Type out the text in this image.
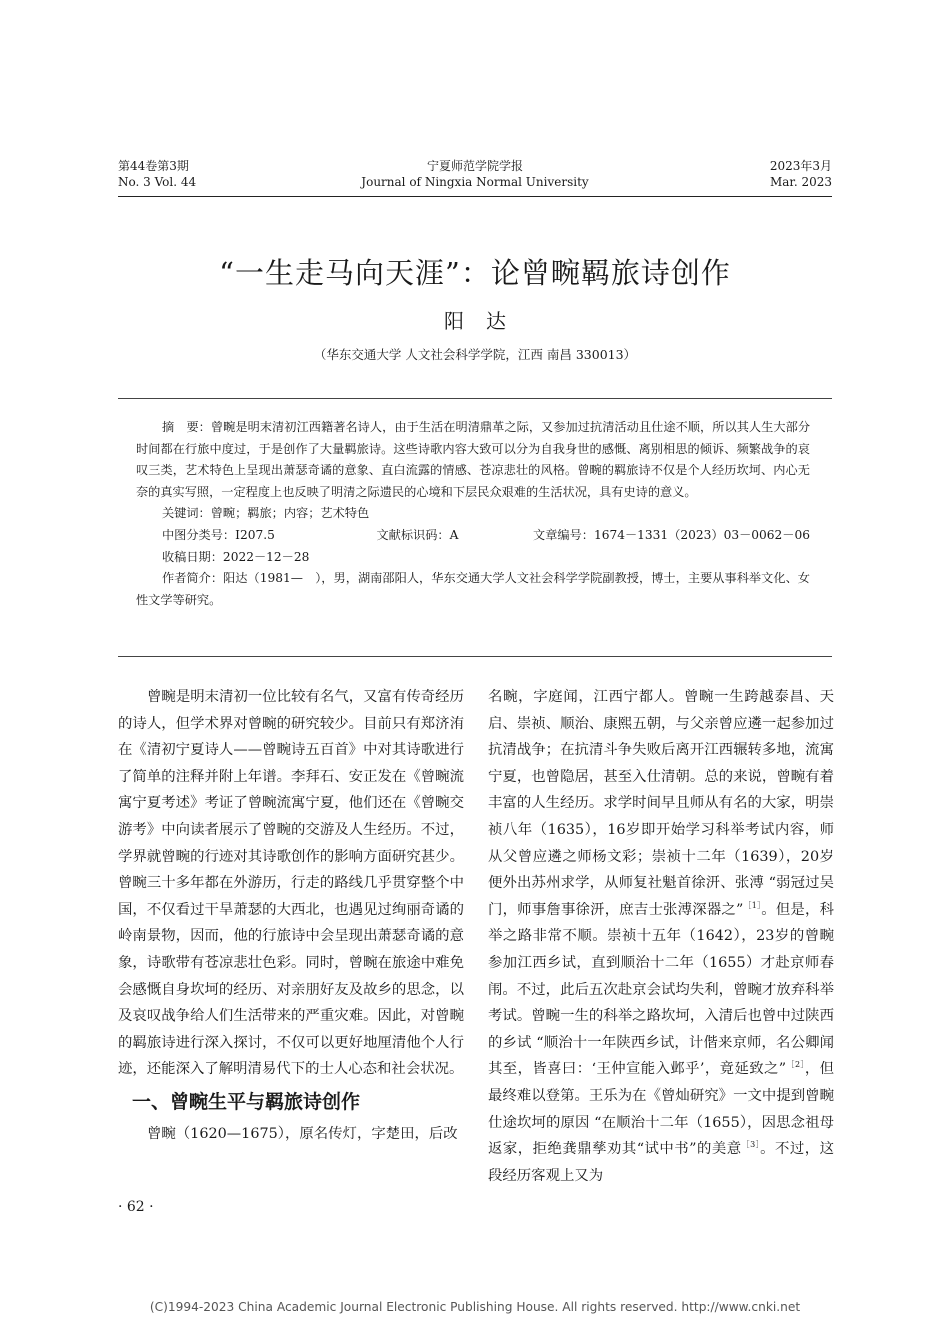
第44卷第3期
No. 3 Vol. 44
宁夏师范学院学报
Journal of Ningxia Normal University
2023年3月
Mar. 2023
“一生走马向天涯”：论曾畹羁旅诗创作
阳达
（华东交通大学 人文社会科学学院，江西 南昌 330013）

摘　要：曾畹是明末清初江西籍著名诗人，由于生活在明清鼎革之际，又参加过抗清活动且仕途不顺，所以其人生大部分时间都在行旅中度过，于是创作了大量羁旅诗。这些诗歌内容大致可以分为自我身世的感慨、离别相思的倾诉、频繁战争的哀叹三类，艺术特色上呈现出萧瑟奇谲的意象、直白流露的情感、苍凉悲壮的风格。曾畹的羁旅诗不仅是个人经历坎坷、内心无奈的真实写照，一定程度上也反映了明清之际遗民的心境和下层民众艰难的生活状况，具有史诗的意义。

关键词：曾畹；羁旅；内容；艺术特色

中图分类号：I207.5	文献标识码：A	文章编号：1674－1331（2023）03－0062－06

收稿日期：2022－12－28

作者简介：阳达（1981—　），男，湖南邵阳人，华东交通大学人文社会科学学院副教授，博士，主要从事科举文化、女性文学等研究。

曾畹是明末清初一位比较有名气，又富有传奇经历的诗人，但学术界对曾畹的研究较少。目前只有郑济洧在《清初宁夏诗人——曾畹诗五百首》中对其诗歌进行了简单的注释并附上年谱。李拜石、安正发在《曾畹流寓宁夏考述》考证了曾畹流寓宁夏，他们还在《曾畹交游考》中向读者展示了曾畹的交游及人生经历。不过，学界就曾畹的行迹对其诗歌创作的影响方面研究甚少。曾畹三十多年都在外游历，行走的路线几乎贯穿整个中国，不仅看过干旱萧瑟的大西北，也遇见过绚丽奇谲的岭南景物，因而，他的行旅诗中会呈现出萧瑟奇谲的意象，诗歌带有苍凉悲壮色彩。同时，曾畹在旅途中难免会感慨自身坎坷的经历、对亲朋好友及故乡的思念，以及哀叹战争给人们生活带来的严重灾难。因此，对曾畹的羁旅诗进行深入探讨，不仅可以更好地厘清他个人行迹，还能深入了解明清易代下的士人心态和社会状况。

一、曾畹生平与羁旅诗创作

曾畹（1620—1675），原名传灯，字楚田，后改

名畹，字庭闻，江西宁都人。曾畹一生跨越泰昌、天启、崇祯、顺治、康熙五朝，与父亲曾应遴一起参加过抗清战争；在抗清斗争失败后离开江西辗转多地，流寓宁夏，也曾隐居，甚至入仕清朝。总的来说，曾畹有着丰富的人生经历。求学时间早且师从有名的大家，明崇祯八年（1635），16岁即开始学习科举考试内容，师从父曾应遴之师杨文彩；崇祯十二年（1639），20岁便外出苏州求学，从师复社魁首徐汧、张溥 “弱冠过吴门，师事詹事徐汧，庶吉士张溥深器之”$^{[1]}$。但是，科举之路非常不顺。崇祯十五年（1642），23岁的曾畹参加江西乡试，直到顺治十二年（1655）才赴京师春闱。不过，此后五次赴京会试均失利，曾畹才放弃科举考试。曾畹一生的科举之路坎坷，入清后也曾中过陕西的乡试 “顺治十一年陕西乡试，计偕来京师，名公卿闻其至，皆喜曰：‘王仲宣能入邺乎’，竟延致之”$^{[2]}$，但最终难以登第。王乐为在《曾灿研究》一文中提到曾畹仕途坎坷的原因 “在顺治十二年（1655），因思念祖母返家，拒绝龚鼎孳劝其“试中书”的美意$^{[3]}$。不过，这段经历客观上又为

· 62 ·
(C)1994-2023 China Academic Journal Electronic Publishing House. All rights reserved. http://www.cnki.net
